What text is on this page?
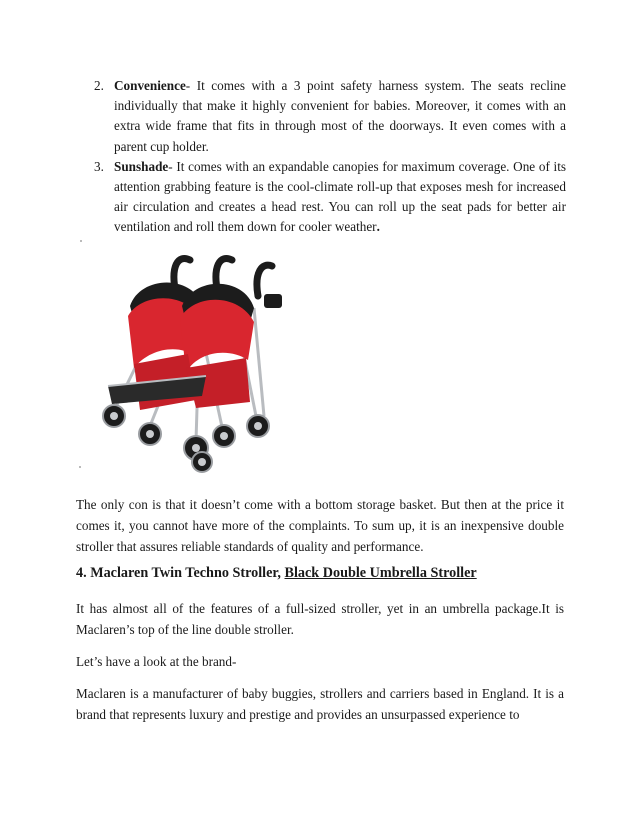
2. Convenience- It comes with a 3 point safety harness system. The seats recline individually that make it highly convenient for babies. Moreover, it comes with an extra wide frame that fits in through most of the doorways. It even comes with a parent cup holder.
3. Sunshade- It comes with an expandable canopies for maximum coverage. One of its attention grabbing feature is the cool-climate roll-up that exposes mesh for increased air circulation and creates a head rest. You can roll up the seat pads for better air ventilation and roll them down for cooler weather.

The only con is that it doesn’t come with a bottom storage basket. But then at the price it comes it, you cannot have more of the complaints. To sum up, it is an inexpensive double stroller that assures reliable standards of quality and performance.

4. Maclaren Twin Techno Stroller, Black Double Umbrella Stroller

It has almost all of the features of a full-sized stroller, yet in an umbrella package.It is Maclaren’s top of the line double stroller.

Let’s have a look at the brand-

Maclaren is a manufacturer of baby buggies, strollers and carriers based in England. It is a brand that represents luxury and prestige and provides an unsurpassed experience to
